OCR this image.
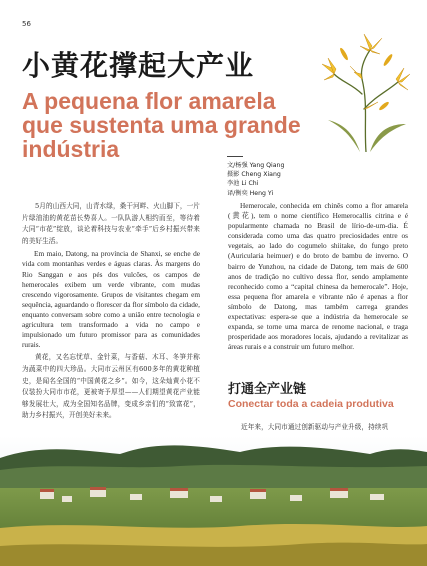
56
小黄花撑起大产业
A pequena flor amarela que sustenta uma grande indústria
文/杨强 Yang Qiang
摄影 Cheng Xiang
李池 Li Chi
译/衡奕 Heng Yi

5月的山西大同，山青水绿，桑干河畔、火山脚下，一片片绿油油的黄花苗长势喜人。一队队游人相约而至，等待着大同“市花”绽放，谈论着科技与农业“牵手”后乡村振兴带来的美好生活。

Em maio, Datong, na província de Shanxi, se enche de vida com montanhas verdes e águas claras. Às margens do Rio Sanggan e aos pés dos vulcões, os campos de hemerocales exibem um verde vibrante, com mudas crescendo vigorosamente. Grupos de visitantes chegam em sequência, aguardando o florescer da flor símbolo da cidade, enquanto conversam sobre como a união entre tecnologia e agricultura tem transformado a vida no campo e impulsionado um futuro promissor para as comunidades rurais.

黄花，又名忘忧草、金针菜，与香菇、木耳、冬笋并称为蔬菜中的四大珍品。大同市云州区有600多年的黄花种植史，是闻名全国的“中国黄花之乡”。如今，这朵灿黄小花不仅装扮大同市市花，更被寄予厚望——人们期望黄花产业能够发展壮大，成为全国知名品牌，变成乡亲们的“致富花”，助力乡村振兴，开创美好未来。

Hemerocale, conhecida em chinês como a flor amarela (黄花), tem o nome científico Hemerocallis citrina e é popularmente chamada no Brasil de lírio-de-um-dia. É considerada como uma das quatro preciosidades entre os vegetais, ao lado do cogumelo shiitake, do fungo preto (Auricularia heimuer) e do broto de bambu de inverno. O bairro de Yunzhou, na cidade de Datong, tem mais de 600 anos de tradição no cultivo dessa flor, sendo amplamente reconhecido como a “capital chinesa da hemerocale”. Hoje, essa pequena flor amarela e vibrante não é apenas a flor símbolo de Datong, mas também carrega grandes expectativas: espera-se que a indústria da hemerocale se expanda, se torne uma marca de renome nacional, e traga prosperidade aos moradores locais, ajudando a revitalizar as áreas rurais e a construir um futuro melhor.

打通全产业链
Conectar toda a cadeia produtiva
近年来，大同市通过创新驱动与产业升级，持续巩
